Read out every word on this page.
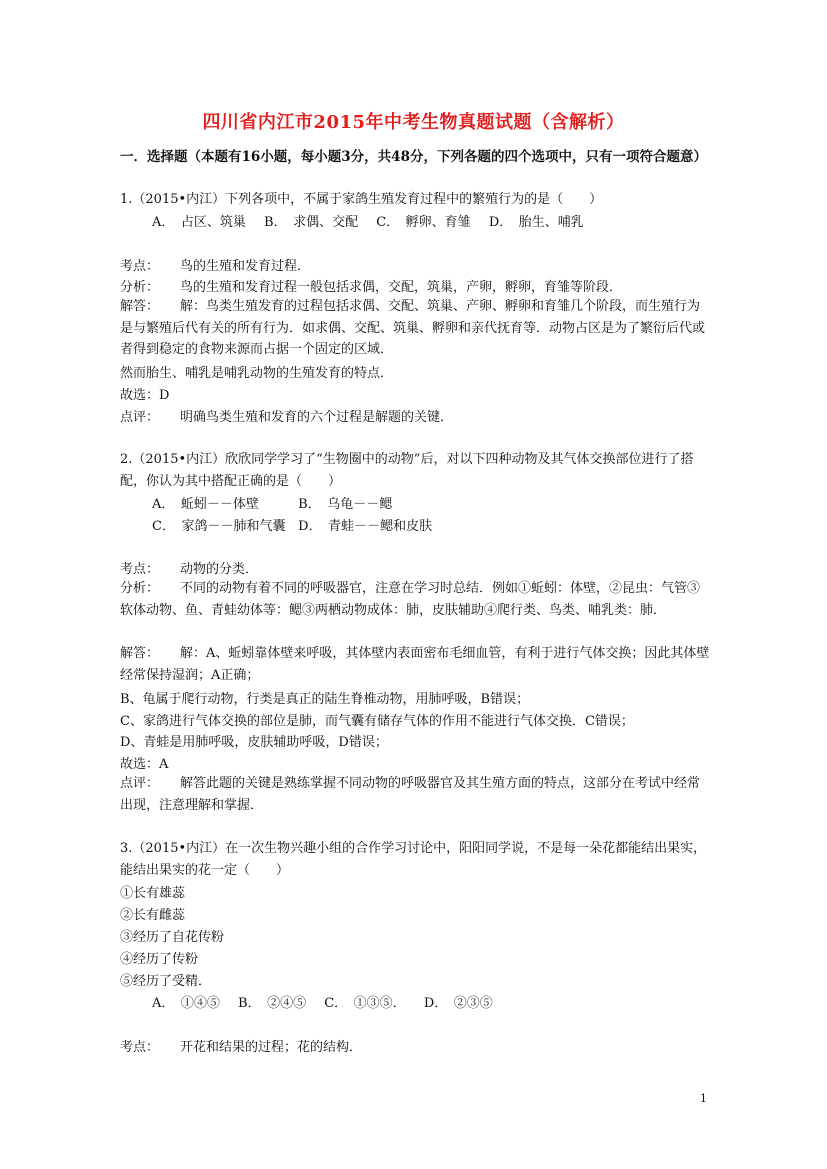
四川省内江市2015年中考生物真题试题（含解析）
一．选择题（本题有16小题，每小题3分，共48分，下列各题的四个选项中，只有一项符合题意）
1.（2015•内江）下列各项中，不属于家鸽生殖发育过程中的繁殖行为的是（　　）
A．　占区、筑巢 B．　求偶、交配 C．　孵卵、育雏 D．　胎生、哺乳
考点： 鸟的生殖和发育过程．
分析： 鸟的生殖和发育过程一般包括求偶，交配，筑巢，产卵，孵卵，育雏等阶段．
解答： 解：鸟类生殖发育的过程包括求偶、交配、筑巢、产卵、孵卵和育雏几个阶段，而生殖行为是与繁殖后代有关的所有行为．如求偶、交配、筑巢、孵卵和亲代抚育等．动物占区是为了繁衍后代或者得到稳定的食物来源而占据一个固定的区域．
然而胎生、哺乳是哺乳动物的生殖发育的特点．
故选：D
点评： 明确鸟类生殖和发育的六个过程是解题的关键．
2.（2015•内江）欣欣同学学习了“生物圈中的动物”后，对以下四种动物及其气体交换部位进行了搭配，你认为其中搭配正确的是（　　）
A．　蚯蚓－－体壁	B．　乌龟－－鳃
C．　家鸽－－肺和气囊 D．　青蛙－－鳃和皮肤
考点： 动物的分类．
分析： 不同的动物有着不同的呼吸器官，注意在学习时总结．例如①蚯蚓：体壁，②昆虫：气管③软体动物、鱼、青蛙幼体等：鳃③两栖动物成体：肺，皮肤辅助④爬行类、鸟类、哺乳类：肺．
解答： 解：A、蚯蚓靠体壁来呼吸，其体壁内表面密布毛细血管，有利于进行气体交换；因此其体壁经常保持湿润；A正确；
B、龟属于爬行动物，行类是真正的陆生脊椎动物，用肺呼吸，B错误；
C、家鸽进行气体交换的部位是肺，而气囊有储存气体的作用不能进行气体交换．C错误；
D、青蛙是用肺呼吸，皮肤辅助呼吸，D错误；
故选：A
点评： 解答此题的关键是熟练掌握不同动物的呼吸器官及其生殖方面的特点，这部分在考试中经常出现，注意理解和掌握．
3.（2015•内江）在一次生物兴趣小组的合作学习讨论中，阳阳同学说，不是每一朵花都能结出果实，能结出果实的花一定（　　）
①长有雄蕊
②长有雌蕊
③经历了自花传粉
④经历了传粉
⑤经历了受精．
A．　①④⑤ B．　②④⑤ C．　①③⑤． D．　②③⑤
考点： 开花和结果的过程；花的结构．
1
